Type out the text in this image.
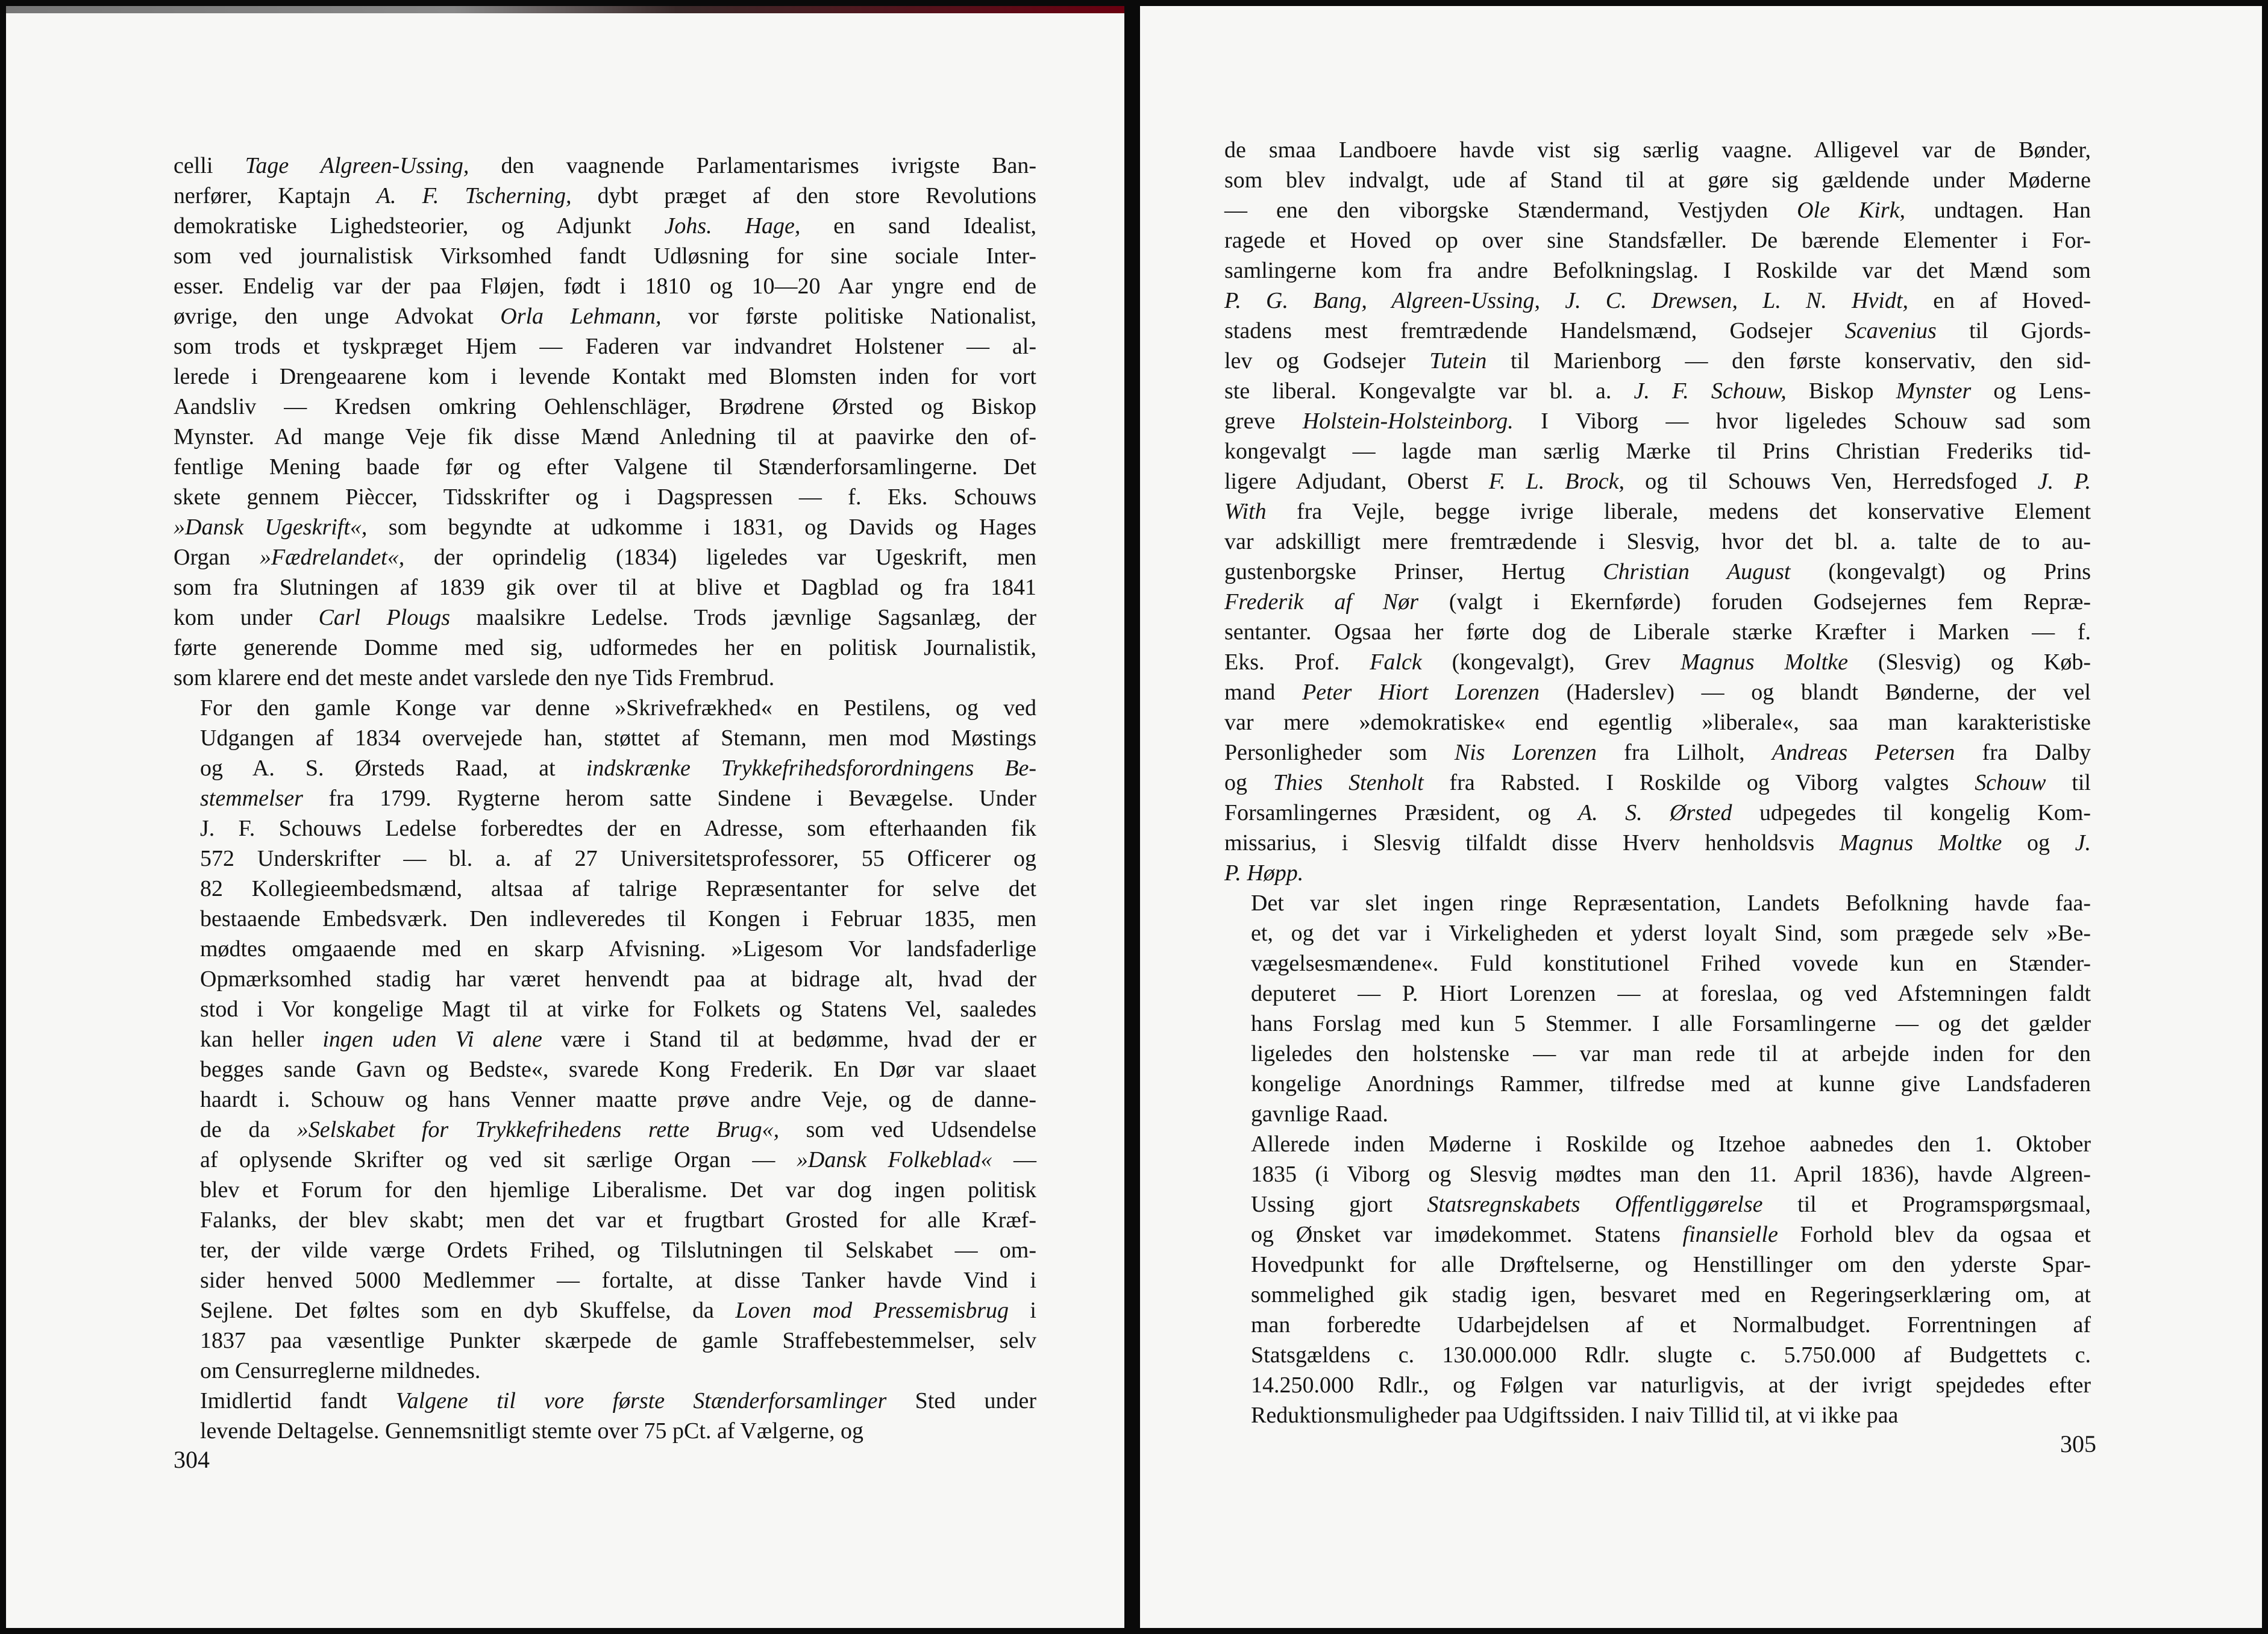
celli Tage Algreen-Ussing, den vaagnende Parlamentarismes ivrigste Ban-
nerfører, Kaptajn A. F. Tscherning, dybt præget af den store Revolutions
demokratiske Lighedsteorier, og Adjunkt Johs. Hage, en sand Idealist,
som ved journalistisk Virksomhed fandt Udløsning for sine sociale Inter-
esser. Endelig var der paa Fløjen, født i 1810 og 10—20 Aar yngre end de
øvrige, den unge Advokat Orla Lehmann, vor første politiske Nationalist,
som trods et tyskpræget Hjem — Faderen var indvandret Holstener — al-
lerede i Drengeaarene kom i levende Kontakt med Blomsten inden for vort
Aandsliv — Kredsen omkring Oehlenschläger, Brødrene Ørsted og Biskop
Mynster. Ad mange Veje fik disse Mænd Anledning til at paavirke den of-
fentlige Mening baade før og efter Valgene til Stænderforsamlingerne. Det
skete gennem Pièccer, Tidsskrifter og i Dagspressen — f. Eks. Schouws
»Dansk Ugeskrift«, som begyndte at udkomme i 1831, og Davids og Hages
Organ »Fædrelandet«, der oprindelig (1834) ligeledes var Ugeskrift, men
som fra Slutningen af 1839 gik over til at blive et Dagblad og fra 1841
kom under Carl Plougs maalsikre Ledelse. Trods jævnlige Sagsanlæg, der
førte generende Domme med sig, udformedes her en politisk Journalistik,
som klarere end det meste andet varslede den nye Tids Frembrud.

For den gamle Konge var denne »Skrivefrækhed« en Pestilens, og ved
Udgangen af 1834 overvejede han, støttet af Stemann, men mod Møstings
og A. S. Ørsteds Raad, at indskrænke Trykkefrihedsforordningens Be-
stemmelser fra 1799. Rygterne herom satte Sindene i Bevægelse. Under
J. F. Schouws Ledelse forberedtes der en Adresse, som efterhaanden fik
572 Underskrifter — bl. a. af 27 Universitetsprofessorer, 55 Officerer og
82 Kollegieembedsmænd, altsaa af talrige Repræsentanter for selve det
bestaaende Embedsværk. Den indleveredes til Kongen i Februar 1835, men
mødtes omgaaende med en skarp Afvisning. »Ligesom Vor landsfaderlige
Opmærksomhed stadig har været henvendt paa at bidrage alt, hvad der
stod i Vor kongelige Magt til at virke for Folkets og Statens Vel, saaledes
kan heller ingen uden Vi alene være i Stand til at bedømme, hvad der er
begges sande Gavn og Bedste«, svarede Kong Frederik. En Dør var slaaet
haardt i. Schouw og hans Venner maatte prøve andre Veje, og de danne-
de da »Selskabet for Trykkefrihedens rette Brug«, som ved Udsendelse
af oplysende Skrifter og ved sit særlige Organ — »Dansk Folkeblad« —
blev et Forum for den hjemlige Liberalisme. Det var dog ingen politisk
Falanks, der blev skabt; men det var et frugtbart Grosted for alle Kræf-
ter, der vilde værge Ordets Frihed, og Tilslutningen til Selskabet — om-
sider henved 5000 Medlemmer — fortalte, at disse Tanker havde Vind i
Sejlene. Det føltes som en dyb Skuffelse, da Loven mod Pressemisbrug i
1837 paa væsentlige Punkter skærpede de gamle Straffebestemmelser, selv
om Censurreglerne mildnedes.

Imidlertid fandt Valgene til vore første Stænderforsamlinger Sted under
levende Deltagelse. Gennemsnitligt stemte over 75 pCt. af Vælgerne, og

304

de smaa Landboere havde vist sig særlig vaagne. Alligevel var de Bønder,
som blev indvalgt, ude af Stand til at gøre sig gældende under Møderne
— ene den viborgske Stændermand, Vestjyden Ole Kirk, undtagen. Han
ragede et Hoved op over sine Standsfæller. De bærende Elementer i For-
samlingerne kom fra andre Befolkningslag. I Roskilde var det Mænd som
P. G. Bang, Algreen-Ussing, J. C. Drewsen, L. N. Hvidt, en af Hoved-
stadens mest fremtrædende Handelsmænd, Godsejer Scavenius til Gjords-
lev og Godsejer Tutein til Marienborg — den første konservativ, den sid-
ste liberal. Kongevalgte var bl. a. J. F. Schouw, Biskop Mynster og Lens-
greve Holstein-Holsteinborg. I Viborg — hvor ligeledes Schouw sad som
kongevalgt — lagde man særlig Mærke til Prins Christian Frederiks tid-
ligere Adjudant, Oberst F. L. Brock, og til Schouws Ven, Herredsfoged J. P.
With fra Vejle, begge ivrige liberale, medens det konservative Element
var adskilligt mere fremtrædende i Slesvig, hvor det bl. a. talte de to au-
gustenborgske Prinser, Hertug Christian August (kongevalgt) og Prins
Frederik af Nør (valgt i Ekernførde) foruden Godsejernes fem Repræ-
sentanter. Ogsaa her førte dog de Liberale stærke Kræfter i Marken — f.
Eks. Prof. Falck (kongevalgt), Grev Magnus Moltke (Slesvig) og Køb-
mand Peter Hiort Lorenzen (Haderslev) — og blandt Bønderne, der vel
var mere »demokratiske« end egentlig »liberale«, saa man karakteristiske
Personligheder som Nis Lorenzen fra Lilholt, Andreas Petersen fra Dalby
og Thies Stenholt fra Rabsted. I Roskilde og Viborg valgtes Schouw til
Forsamlingernes Præsident, og A. S. Ørsted udpegedes til kongelig Kom-
missarius, i Slesvig tilfaldt disse Hverv henholdsvis Magnus Moltke og J.
P. Høpp.

Det var slet ingen ringe Repræsentation, Landets Befolkning havde faa-
et, og det var i Virkeligheden et yderst loyalt Sind, som prægede selv »Be-
vægelsesmændene«. Fuld konstitutionel Frihed vovede kun en Stænder-
deputeret — P. Hiort Lorenzen — at foreslaa, og ved Afstemningen faldt
hans Forslag med kun 5 Stemmer. I alle Forsamlingerne — og det gælder
ligeledes den holstenske — var man rede til at arbejde inden for den
kongelige Anordnings Rammer, tilfredse med at kunne give Landsfaderen
gavnlige Raad.

Allerede inden Møderne i Roskilde og Itzehoe aabnedes den 1. Oktober
1835 (i Viborg og Slesvig mødtes man den 11. April 1836), havde Algreen-
Ussing gjort Statsregnskabets Offentliggørelse til et Programspørgsmaal,
og Ønsket var imødekommet. Statens finansielle Forhold blev da ogsaa et
Hovedpunkt for alle Drøftelserne, og Henstillinger om den yderste Spar-
sommelighed gik stadig igen, besvaret med en Regeringserklæring om, at
man forberedte Udarbejdelsen af et Normalbudget. Forrentningen af
Statsgældens c. 130.000.000 Rdlr. slugte c. 5.750.000 af Budgettets c.
14.250.000 Rdlr., og Følgen var naturligvis, at der ivrigt spejdedes efter
Reduktionsmuligheder paa Udgiftssiden. I naiv Tillid til, at vi ikke paa

305
